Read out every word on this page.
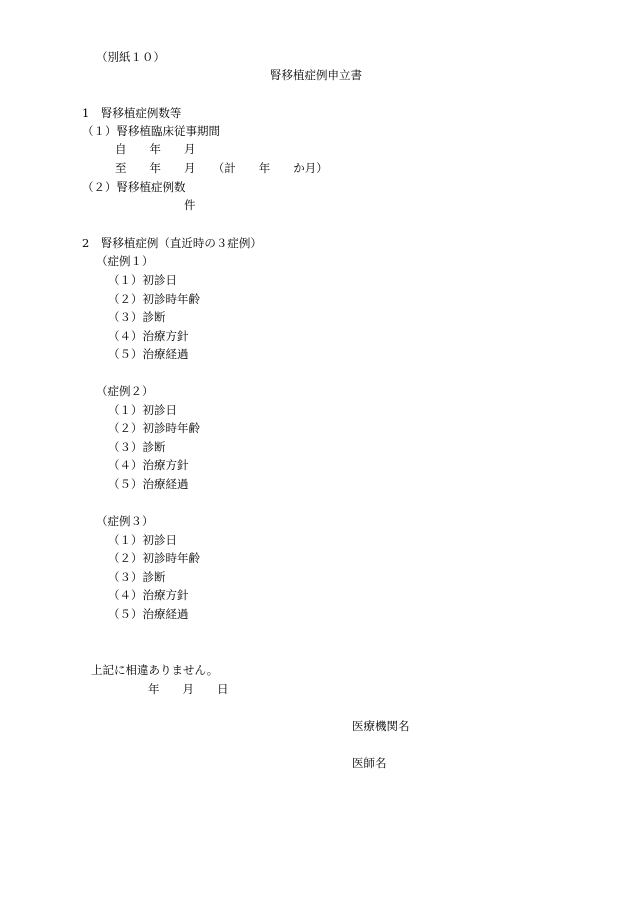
（別紙１０）
腎移植症例申立書
1　腎移植症例数等
（１）腎移植臨床従事期間
自　　年　　月
至　　年　　月　　（計　　年　　か月）
（２）腎移植症例数
件
2　腎移植症例（直近時の３症例）
（症例１）
（１）初診日
（２）初診時年齢
（３）診断
（４）治療方針
（５）治療経過
（症例２）
（１）初診日
（２）初診時年齢
（３）診断
（４）治療方針
（５）治療経過
（症例３）
（１）初診日
（２）初診時年齢
（３）診断
（４）治療方針
（５）治療経過
上記に相違ありません。
年　　月　　日
医療機関名
医師名
